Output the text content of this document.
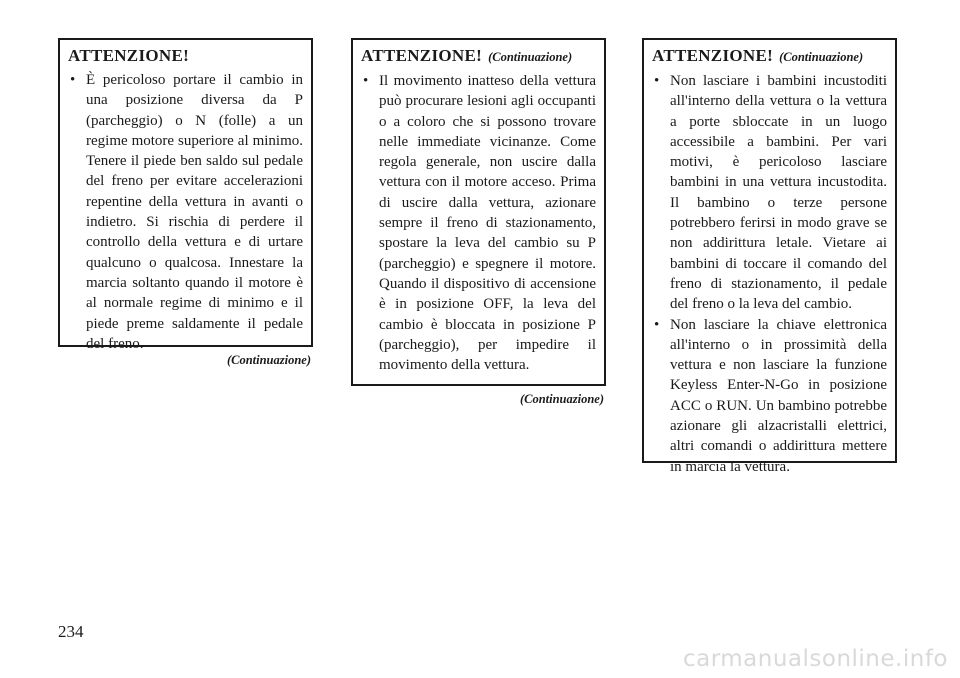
ATTENZIONE!
• È pericoloso portare il cambio in una posizione diversa da P (parcheggio) o N (folle) a un regime motore superiore al minimo. Tenere il piede ben saldo sul pedale del freno per evitare accelerazioni repentine della vettura in avanti o indietro. Si rischia di perdere il controllo della vettura e di urtare qualcuno o qualcosa. Innestare la marcia soltanto quando il motore è al normale regime di minimo e il piede preme saldamente il pedale del freno.
(Continuazione)
ATTENZIONE! (Continuazione)
• Il movimento inatteso della vettura può procurare lesioni agli occupanti o a coloro che si possono trovare nelle immediate vicinanze. Come regola generale, non uscire dalla vettura con il motore acceso. Prima di uscire dalla vettura, azionare sempre il freno di stazionamento, spostare la leva del cambio su P (parcheggio) e spegnere il motore. Quando il dispositivo di accensione è in posizione OFF, la leva del cambio è bloccata in posizione P (parcheggio), per impedire il movimento della vettura.
(Continuazione)
ATTENZIONE! (Continuazione)
• Non lasciare i bambini incustoditi all'interno della vettura o la vettura a porte sbloccate in un luogo accessibile a bambini. Per vari motivi, è pericoloso lasciare bambini in una vettura incustodita. Il bambino o terze persone potrebbero ferirsi in modo grave se non addirittura letale. Vietare ai bambini di toccare il comando del freno di stazionamento, il pedale del freno o la leva del cambio.
• Non lasciare la chiave elettronica all'interno o in prossimità della vettura e non lasciare la funzione Keyless Enter-N-Go in posizione ACC o RUN. Un bambino potrebbe azionare gli alzacristalli elettrici, altri comandi o addirittura mettere in marcia la vettura.
234
carmanualsonline.info
